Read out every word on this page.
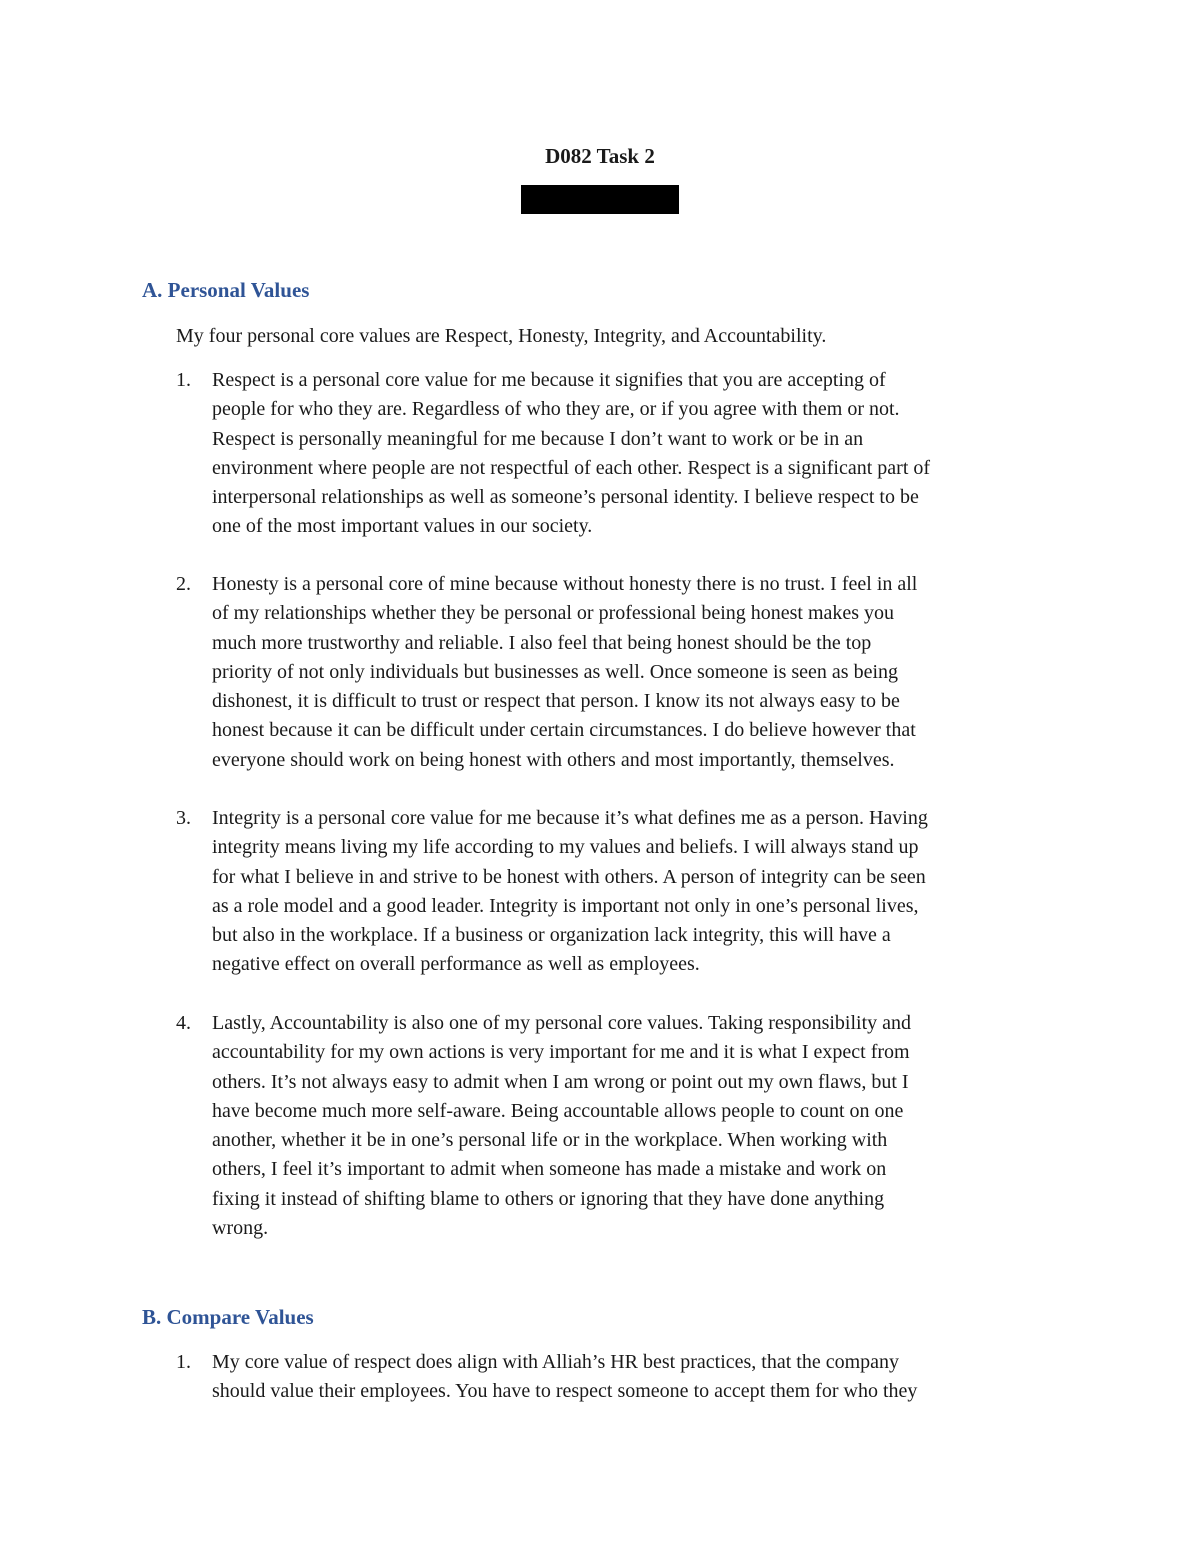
D082 Task 2
A. Personal Values
My four personal core values are Respect, Honesty, Integrity, and Accountability.
1.	Respect is a personal core value for me because it signifies that you are accepting of
people for who they are. Regardless of who they are, or if you agree with them or not.
Respect is personally meaningful for me because I don’t want to work or be in an
environment where people are not respectful of each other. Respect is a significant part of
interpersonal relationships as well as someone’s personal identity. I believe respect to be
one of the most important values in our society.
2.	Honesty is a personal core of mine because without honesty there is no trust. I feel in all
of my relationships whether they be personal or professional being honest makes you
much more trustworthy and reliable. I also feel that being honest should be the top
priority of not only individuals but businesses as well. Once someone is seen as being
dishonest, it is difficult to trust or respect that person. I know its not always easy to be
honest because it can be difficult under certain circumstances. I do believe however that
everyone should work on being honest with others and most importantly, themselves.
3.	Integrity is a personal core value for me because it’s what defines me as a person. Having
integrity means living my life according to my values and beliefs. I will always stand up
for what I believe in and strive to be honest with others. A person of integrity can be seen
as a role model and a good leader. Integrity is important not only in one’s personal lives,
but also in the workplace. If a business or organization lack integrity, this will have a
negative effect on overall performance as well as employees.
4.	Lastly, Accountability is also one of my personal core values. Taking responsibility and
accountability for my own actions is very important for me and it is what I expect from
others. It’s not always easy to admit when I am wrong or point out my own flaws, but I
have become much more self-aware. Being accountable allows people to count on one
another, whether it be in one’s personal life or in the workplace. When working with
others, I feel it’s important to admit when someone has made a mistake and work on
fixing it instead of shifting blame to others or ignoring that they have done anything
wrong.
B. Compare Values
1.	My core value of respect does align with Alliah’s HR best practices, that the company
should value their employees. You have to respect someone to accept them for who they
